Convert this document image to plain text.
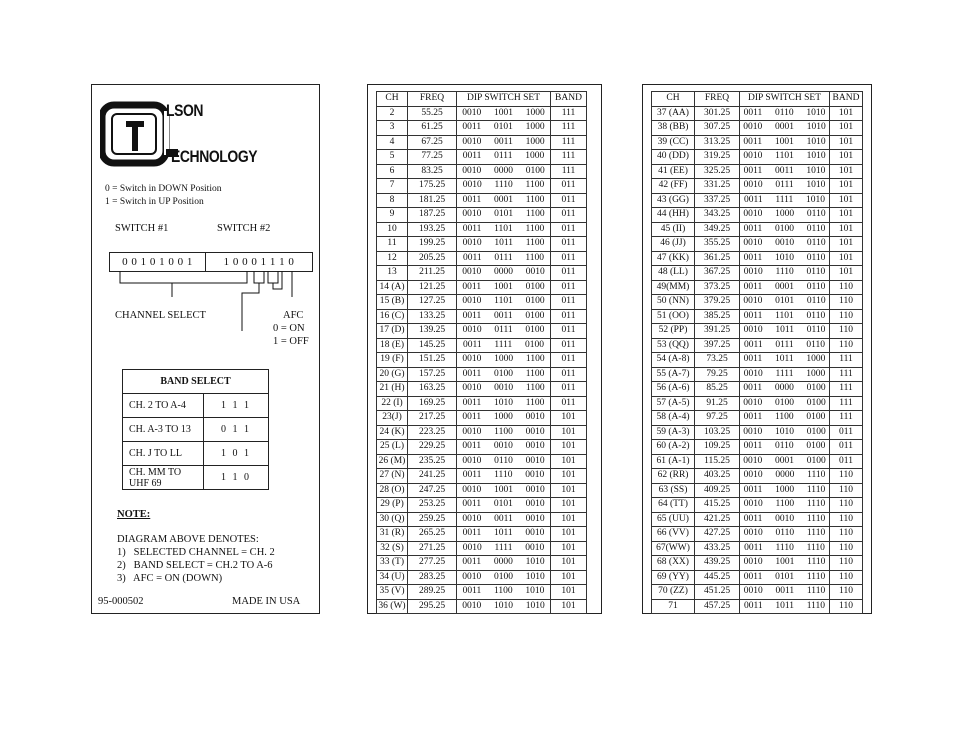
LSON
ECHNOLOGY
0 = Switch in DOWN Position
1 = Switch in UP Position
SWITCH #1	SWITCH #2
0 0 1 0 1 0 0 1	1 0 0 0 1 1 1 0
CHANNEL SELECT	AFC
0 = ON
1 = OFF
BAND SELECT	
CH. 2 TO A-4	1 1 1
CH. A-3 TO 13	0 1 1
CH. J TO LL	1 0 1
CH. MM TO UHF 69	1 1 0
NOTE:
DIAGRAM ABOVE DENOTES:
1)   SELECTED CHANNEL = CH. 2
2)   BAND SELECT = CH.2 TO A-6
3)   AFC = ON (DOWN)
95-000502	MADE IN USA
CH	FREQ	DIP SWITCH SET	BAND
2	55.25	0010  1001  1000	111
3	61.25	0011  0101  1000	111
4	67.25	0010  0011  1000	111
5	77.25	0011  0111  1000	111
6	83.25	0010  0000  0100	111
7	175.25	0010  1110  1100	011
8	181.25	0011  0001  1100	011
9	187.25	0010  0101  1100	011
10	193.25	0011  1101  1100	011
11	199.25	0010  1011  1100	011
12	205.25	0011  0111  1100	011
13	211.25	0010  0000  0010	011
14 (A)	121.25	0011  1001  0100	011
15 (B)	127.25	0010  1101  0100	011
16 (C)	133.25	0011  0011  0100	011
17 (D)	139.25	0010  0111  0100	011
18 (E)	145.25	0011  1111  0100	011
19 (F)	151.25	0010  1000  1100	011
20 (G)	157.25	0011  0100  1100	011
21 (H)	163.25	0010  0010  1100	011
22 (I)	169.25	0011  1010  1100	011
23(J)	217.25	0011  1000  0010	101
24 (K)	223.25	0010  1100  0010	101
25 (L)	229.25	0011  0010  0010	101
26 (M)	235.25	0010  0110  0010	101
27 (N)	241.25	0011  1110  0010	101
28 (O)	247.25	0010  1001  0010	101
29 (P)	253.25	0011  0101  0010	101
30 (Q)	259.25	0010  0011  0010	101
31 (R)	265.25	0011  1011  0010	101
32 (S)	271.25	0010  1111  0010	101
33 (T)	277.25	0011  0000  1010	101
34 (U)	283.25	0010  0100  1010	101
35 (V)	289.25	0011  1100  1010	101
36 (W)	295.25	0010  1010  1010	101
CH	FREQ	DIP SWITCH SET	BAND
37 (AA)	301.25	0011  0110  1010	101
38 (BB)	307.25	0010  0001  1010	101
39 (CC)	313.25	0011  1001  1010	101
40 (DD)	319.25	0010  1101  1010	101
41 (EE)	325.25	0011  0011  1010	101
42 (FF)	331.25	0010  0111  1010	101
43 (GG)	337.25	0011  1111  1010	101
44 (HH)	343.25	0010  1000  0110	101
45 (II)	349.25	0011  0100  0110	101
46 (JJ)	355.25	0010  0010  0110	101
47 (KK)	361.25	0011  1010  0110	101
48 (LL)	367.25	0010  1110  0110	101
49(MM)	373.25	0011  0001  0110	110
50 (NN)	379.25	0010  0101  0110	110
51 (OO)	385.25	0011  1101  0110	110
52 (PP)	391.25	0010  1011  0110	110
53 (QQ)	397.25	0011  0111  0110	110
54 (A-8)	73.25	0011  1011  1000	111
55 (A-7)	79.25	0010  1111  1000	111
56 (A-6)	85.25	0011  0000  0100	111
57 (A-5)	91.25	0010  0100  0100	111
58 (A-4)	97.25	0011  1100  0100	111
59 (A-3)	103.25	0010  1010  0100	011
60 (A-2)	109.25	0011  0110  0100	011
61 (A-1)	115.25	0010  0001  0100	011
62 (RR)	403.25	0010  0000  1110	110
63 (SS)	409.25	0011  1000  1110	110
64 (TT)	415.25	0010  1100  1110	110
65 (UU)	421.25	0011  0010  1110	110
66 (VV)	427.25	0010  0110  1110	110
67(WW)	433.25	0011  1110  1110	110
68 (XX)	439.25	0010  1001  1110	110
69 (YY)	445.25	0011  0101  1110	110
70 (ZZ)	451.25	0010  0011  1110	110
71	457.25	0011  1011  1110	110
